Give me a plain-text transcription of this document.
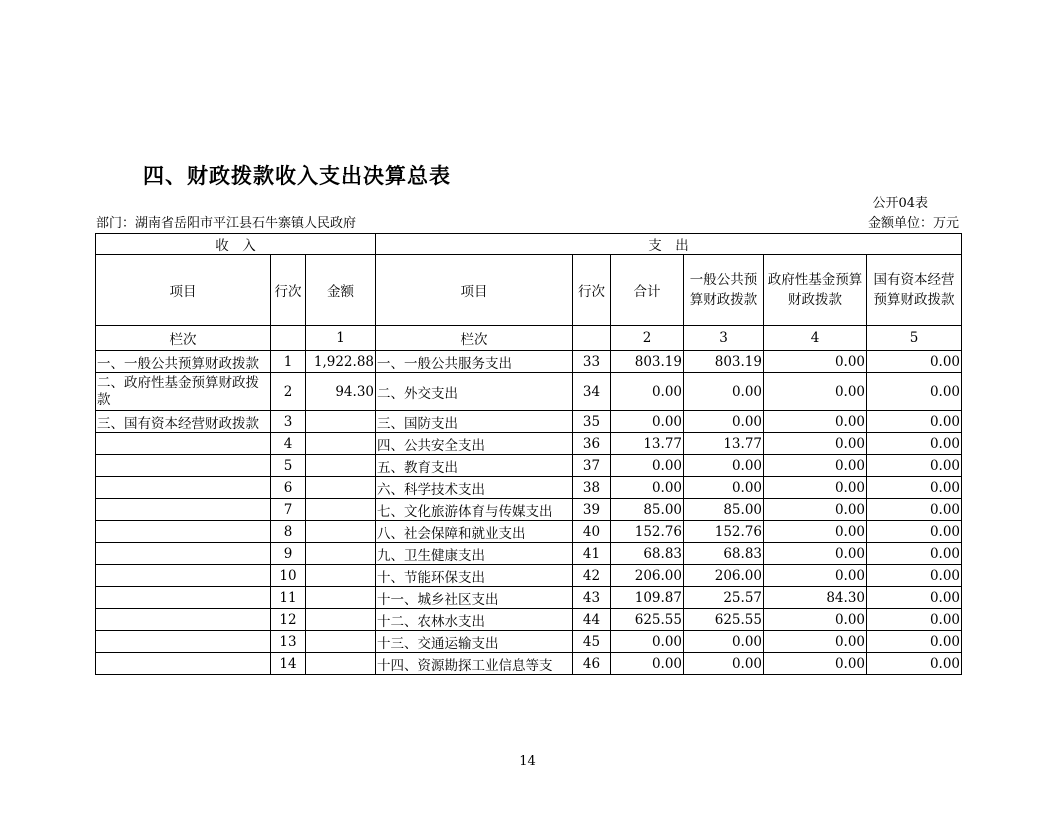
四、财政拨款收入支出决算总表
公开04表
部门：湖南省岳阳市平江县石牛寨镇人民政府	金额单位：万元
收　入			支　出					
项目	行次	金额	项目	行次	合计	一般公共预算财政拨款	政府性基金预算财政拨款	国有资本经营预算财政拨款
栏次		1	栏次		2	3	4	5
一、一般公共预算财政拨款	1	1,922.88	一、一般公共服务支出	33	803.19	803.19	0.00	0.00
二、政府性基金预算财政拨款	2	94.30	二、外交支出	34	0.00	0.00	0.00	0.00
三、国有资本经营财政拨款	3		三、国防支出	35	0.00	0.00	0.00	0.00
	4		四、公共安全支出	36	13.77	13.77	0.00	0.00
	5		五、教育支出	37	0.00	0.00	0.00	0.00
	6		六、科学技术支出	38	0.00	0.00	0.00	0.00
	7		七、文化旅游体育与传媒支出	39	85.00	85.00	0.00	0.00
	8		八、社会保障和就业支出	40	152.76	152.76	0.00	0.00
	9		九、卫生健康支出	41	68.83	68.83	0.00	0.00
	10		十、节能环保支出	42	206.00	206.00	0.00	0.00
	11		十一、城乡社区支出	43	109.87	25.57	84.30	0.00
	12		十二、农林水支出	44	625.55	625.55	0.00	0.00
	13		十三、交通运输支出	45	0.00	0.00	0.00	0.00
	14		十四、资源勘探工业信息等支	46	0.00	0.00	0.00	0.00
14
